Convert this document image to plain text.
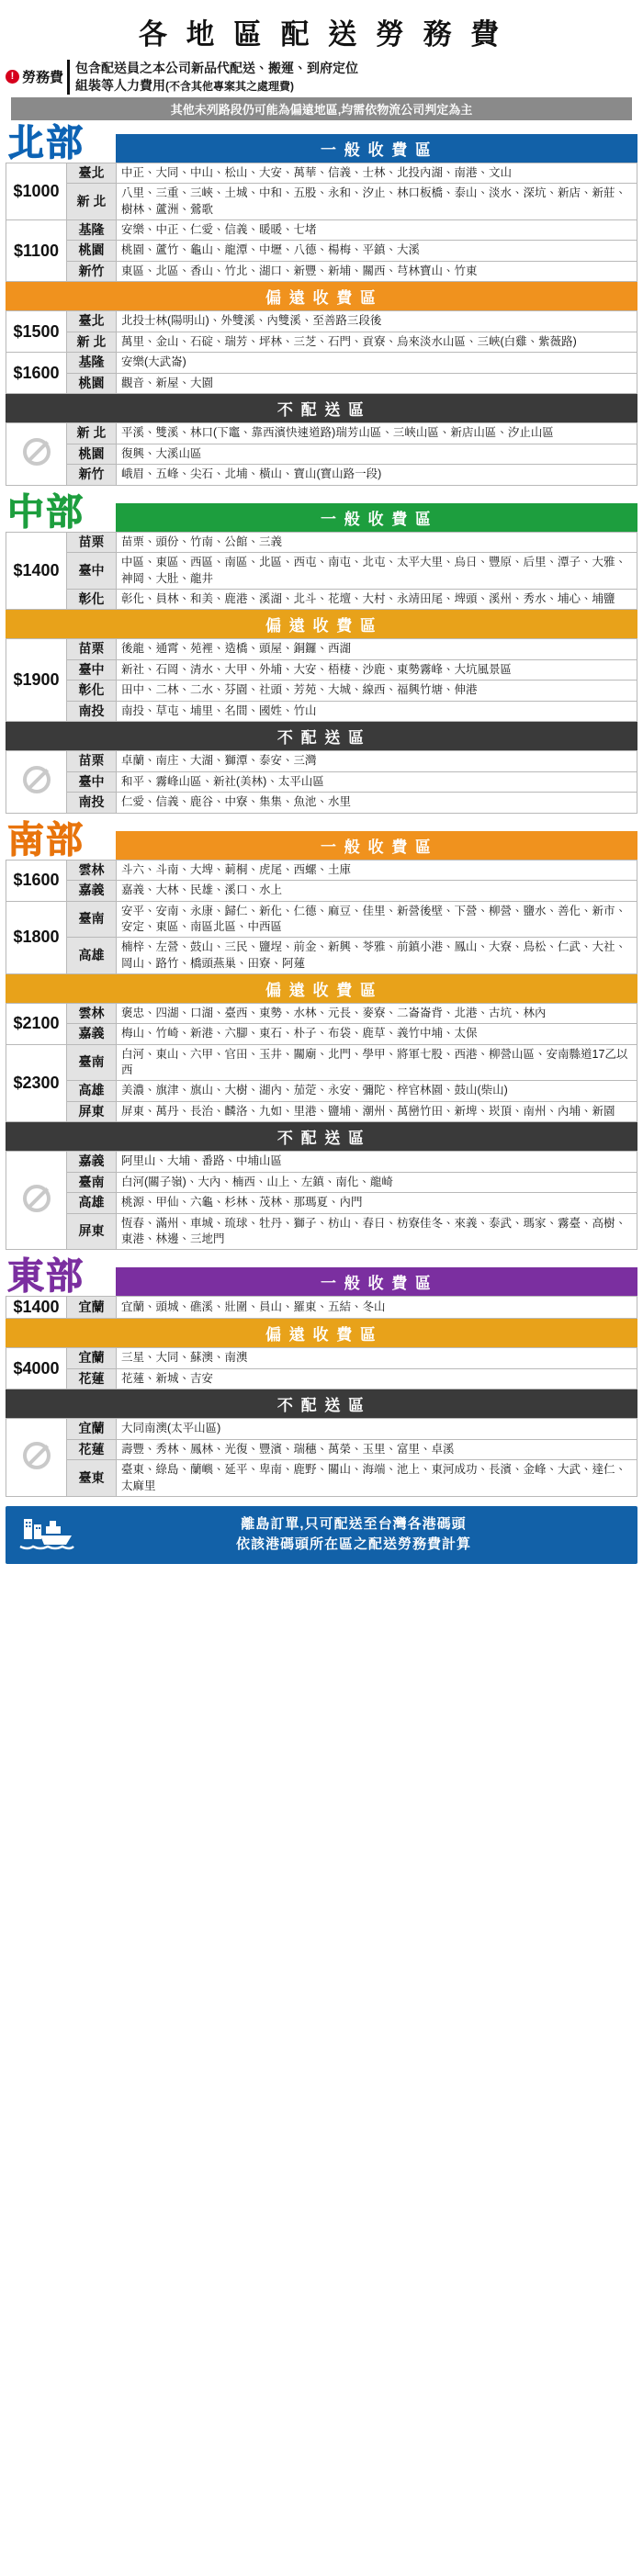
各 地 區 配 送 勞 務 費
! 勞務費
包含配送員之本公司新品代配送、搬運、到府定位
組裝等人力費用(不含其他專案其之處理費)
其他未列路段仍可能為偏遠地區,均需依物流公司判定為主
北部	一 般 收 費 區
$1000	臺北	中正、大同、中山、松山、大安、萬華、信義、士林、北投內湖、南港、文山
	新 北	八里、三重、三峽、土城、中和、五股、永和、汐止、林口板橋、泰山、淡水、深坑、新店、新莊、樹林、蘆洲、鶯歌
$1100	基隆	安樂、中正、仁愛、信義、暖暖、七堵
	桃園	桃園、蘆竹、龜山、龍潭、中壢、八德、楊梅、平鎮、大溪
	新竹	東區、北區、香山、竹北、湖口、新豐、新埔、關西、芎林寶山、竹東
偏 遠 收 費 區
$1500	臺北	北投士林(陽明山)、外雙溪、內雙溪、至善路三段後
	新 北	萬里、金山、石碇、瑞芳、坪林、三芝、石門、貢寮、烏來淡水山區、三峽(白雞、紫薇路)
$1600	基隆	安樂(大武崙)
	桃園	觀音、新屋、大園
不 配 送 區
	新 北	平溪、雙溪、林口(下竈、靠西濱快速道路)瑞芳山區、三峽山區、新店山區、汐止山區
	桃園	復興、大溪山區
	新竹	峨眉、五峰、尖石、北埔、橫山、寶山(寶山路一段)
中部	一 般 收 費 區
$1400	苗栗	苗栗、頭份、竹南、公館、三義
	臺中	中區、東區、西區、南區、北區、西屯、南屯、北屯、太平大里、烏日、豐原、后里、潭子、大雅、神岡、大肚、龍井
	彰化	彰化、員林、和美、鹿港、溪湖、北斗、花壇、大村、永靖田尾、埤頭、溪州、秀水、埔心、埔鹽
偏 遠 收 費 區
$1900	苗栗	後龍、通霄、苑裡、造橋、頭屋、銅鑼、西湖
	臺中	新社、石岡、清水、大甲、外埔、大安、梧棲、沙鹿、東勢霧峰、大坑風景區
	彰化	田中、二林、二水、芬園、社頭、芳苑、大城、線西、福興竹塘、伸港
	南投	南投、草屯、埔里、名間、國姓、竹山
不 配 送 區
	苗栗	卓蘭、南庄、大湖、獅潭、泰安、三灣
	臺中	和平、霧峰山區、新社(美林)、太平山區
	南投	仁愛、信義、鹿谷、中寮、集集、魚池、水里
南部	一 般 收 費 區
$1600	雲林	斗六、斗南、大埤、莿桐、虎尾、西螺、土庫
	嘉義	嘉義、大林、民雄、溪口、水上
$1800	臺南	安平、安南、永康、歸仁、新化、仁德、麻豆、佳里、新營後壁、下營、柳營、鹽水、善化、新市、安定、東區、南區北區、中西區
	高雄	楠梓、左營、鼓山、三民、鹽埕、前金、新興、苓雅、前鎮小港、鳳山、大寮、鳥松、仁武、大社、岡山、路竹、橋頭燕巢、田寮、阿蓮
偏 遠 收 費 區
$2100	雲林	褒忠、四湖、口湖、臺西、東勢、水林、元長、麥寮、二崙崙背、北港、古坑、林內
	嘉義	梅山、竹崎、新港、六腳、東石、朴子、布袋、鹿草、義竹中埔、太保
$2300	臺南	白河、東山、六甲、官田、玉井、關廟、北門、學甲、將軍七股、西港、柳營山區、安南縣道17乙以西
	高雄	美濃、旗津、旗山、大樹、湖內、茄萣、永安、彌陀、梓官林園、鼓山(柴山)
	屏東	屏東、萬丹、長治、麟洛、九如、里港、鹽埔、潮州、萬巒竹田、新埤、崁頂、南州、內埔、新園
不 配 送 區
	嘉義	阿里山、大埔、番路、中埔山區
	臺南	白河(關子嶺)、大內、楠西、山上、左鎮、南化、龍崎
	高雄	桃源、甲仙、六龜、杉林、茂林、那瑪夏、內門
	屏東	恆春、滿州、車城、琉球、牡丹、獅子、枋山、春日、枋寮佳冬、來義、泰武、瑪家、霧臺、高樹、東港、林邊、三地門
東部	一 般 收 費 區
$1400	宜蘭	宜蘭、頭城、礁溪、壯圍、員山、羅東、五結、冬山
偏 遠 收 費 區
$4000	宜蘭	三星、大同、蘇澳、南澳
	花蓮	花蓮、新城、吉安
不 配 送 區
	宜蘭	大同南澳(太平山區)
	花蓮	壽豐、秀林、鳳林、光復、豐濱、瑞穗、萬榮、玉里、富里、卓溪
	臺東	臺東、綠島、蘭嶼、延平、卑南、鹿野、關山、海端、池上、東河成功、長濱、金峰、大武、達仁、太麻里
離島訂單,只可配送至台灣各港碼頭
依該港碼頭所在區之配送勞務費計算
